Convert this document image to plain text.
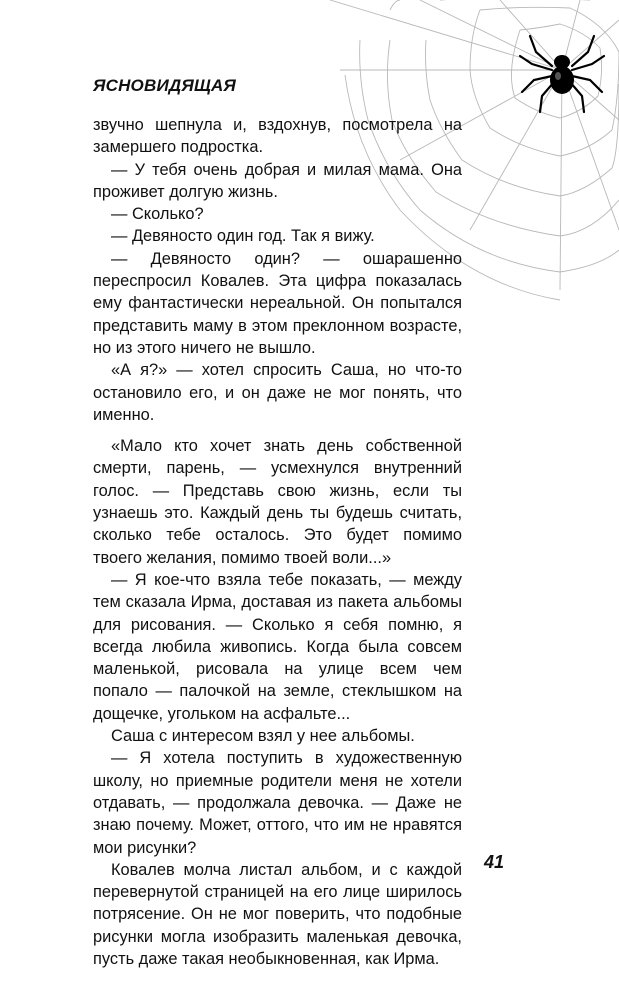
ЯСНОВИДЯЩАЯ

звучно шепнула и, вздохнув, посмотрела на замершего подростка.

— У тебя очень добрая и милая мама. Она проживет долгую жизнь.

— Сколько?

— Девяносто один год. Так я вижу.

— Девяносто один? — ошарашенно переспросил Ковалев. Эта цифра показалась ему фантастически нереальной. Он попытался представить маму в этом преклонном возрасте, но из этого ничего не вышло.

«А я?» — хотел спросить Саша, но что-то остановило его, и он даже не мог понять, что именно.

«Мало кто хочет знать день собственной смерти, парень, — усмехнулся внутренний голос. — Представь свою жизнь, если ты узнаешь это. Каждый день ты будешь считать, сколько тебе осталось. Это будет помимо твоего желания, помимо твоей воли...»

— Я кое-что взяла тебе показать, — между тем сказала Ирма, доставая из пакета альбомы для рисования. — Сколько я себя помню, я всегда любила живопись. Когда была совсем маленькой, рисовала на улице всем чем попало — палочкой на земле, стеклышком на дощечке, угольком на асфальте...

Саша с интересом взял у нее альбомы.

— Я хотела поступить в художественную школу, но приемные родители меня не хотели отдавать, — продолжала девочка. — Даже не знаю почему. Может, оттого, что им не нравятся мои рисунки?

Ковалев молча листал альбом, и с каждой перевернутой страницей на его лице ширилось потрясение. Он не мог поверить, что подобные рисунки могла изобразить маленькая девочка, пусть даже такая необыкновенная, как Ирма.

41
